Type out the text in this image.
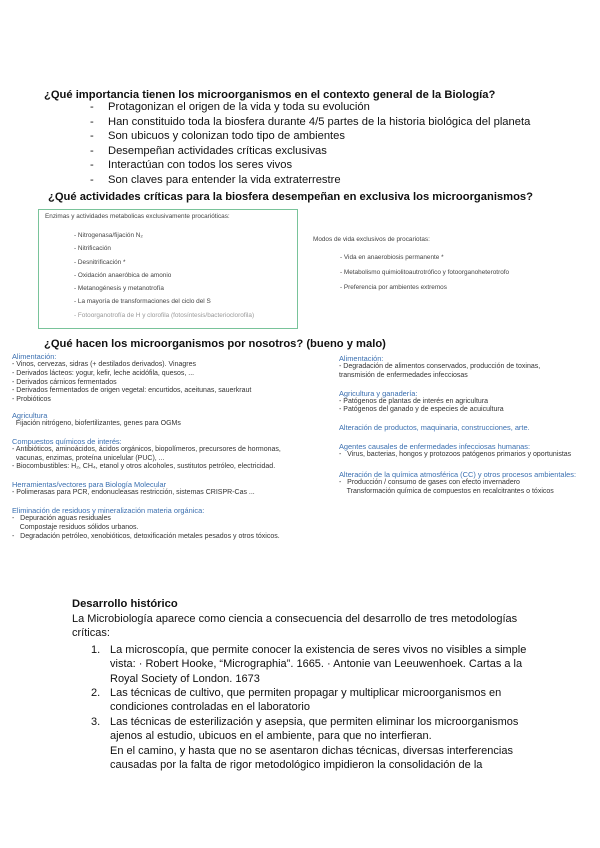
¿Qué importancia tienen los microorganismos en el contexto general de la Biología?
- Protagonizan el origen de la vida y toda su evolución
- Han constituido toda la biosfera durante 4/5 partes de la historia biológica del planeta
- Son ubicuos y colonizan todo tipo de ambientes
- Desempeñan actividades críticas exclusivas
- Interactúan con todos los seres vivos
- Son claves para entender la vida extraterrestre
¿Qué actividades críticas para la biosfera desempeñan en exclusiva los microorganismos?
Enzimas y actividades metabolicas exclusivamente procarióticas:
- Nitrogenasa/fijación N₂
- Nitrificación
- Desnitrificación *
- Oxidación anaeróbica de amonio
- Metanogénesis y metanotrofía
- La mayoría de transformaciones del ciclo del S
- Fotoorganotrofía de H y clorofila (fotosíntesis/bacterioclorofila)
Modos de vida exclusivos de procariotas:
- Vida en anaerobiosis permanente *
- Metabolismo quimiolitoautrotrófico y fotoorganoheterotrofo
- Preferencia por ambientes extremos
¿Qué hacen los microorganismos por nosotros? (bueno y malo)
Alimentación:
- Vinos, cervezas, sidras (+ destilados derivados). Vinagres
- Derivados lácteos: yogur, kefir, leche acidófila, quesos, ...
- Derivados cárnicos fermentados
- Derivados fermentados de origen vegetal: encurtidos, aceitunas, sauerkraut
- Probióticos
Agricultura
Fijación nitrógeno, biofertilizantes, genes para OGMs
Compuestos químicos de interés:
- Antibióticos, aminoácidos, ácidos orgánicos, biopolímeros, precursores de hormonas,
vacunas, enzimas, proteína unicelular (PUC), ...
- Biocombustibles: H₂, CH₄, etanol y otros alcoholes, sustitutos petróleo, electricidad.
Herramientas/vectores para Biología Molecular
- Polimerasas para PCR, endonucleasas restricción, sistemas CRISPR-Cas ...
Eliminación de residuos y mineralización materia orgánica:
-   Depuración aguas residuales
Compostaje residuos sólidos urbanos.
-   Degradación petróleo, xenobióticos, detoxificación metales pesados y otros tóxicos.
Alimentación:
- Degradación de alimentos conservados, producción de toxinas,
transmisión de enfermedades infecciosas
Agricultura y ganadería:
- Patógenos de plantas de interés en agricultura
- Patógenos del ganado y de especies de acuicultura
Alteración de productos, maquinaria, construcciones, arte.
Agentes causales de enfermedades infecciosas humanas:
-   Virus, bacterias, hongos y protozoos patógenos primarios y oportunistas
Alteración de la química atmosférica (CC) y otros procesos ambientales:
-   Producción / consumo de gases con efecto invernadero
Transformación química de compuestos en recalcitrantes o tóxicos
Desarrollo histórico

La Microbiología aparece como ciencia a consecuencia del desarrollo de tres metodologías críticas:

1. La microscopía, que permite conocer la existencia de seres vivos no visibles a simple vista: · Robert Hooke, “Micrographia”. 1665. · Antonie van Leeuwenhoek. Cartas a la Royal Society of London. 1673
2. Las técnicas de cultivo, que permiten propagar y multiplicar microorganismos en condiciones controladas en el laboratorio
3. Las técnicas de esterilización y asepsia, que permiten eliminar los microorganismos ajenos al estudio, ubicuos en el ambiente, para que no interfieran.
En el camino, y hasta que no se asentaron dichas técnicas, diversas interferencias causadas por la falta de rigor metodológico impidieron la consolidación de la
